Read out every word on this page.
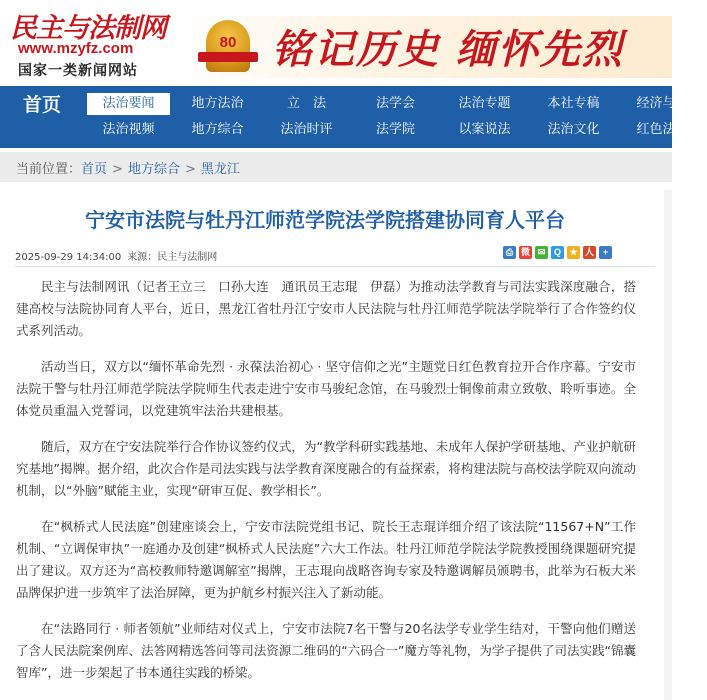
民主与法制网
www.mzyfz.com
国家一类新闻网站
80 铭记历史 缅怀先烈
首页	法治要闻	地方法治	立　法	法学会	法治专题	本社专稿	经济与法
法治视频	地方综合	法治时评	法学院	以案说法	法治文化	红色法治
当前位置：首页 > 地方综合 > 黑龙江
宁安市法院与牡丹江师范学院法学院搭建协同育人平台
2025-09-29 14:34:00 来源：民主与法制网	⎙ 微 ✉ Q ★ 人 +

民主与法制网讯（记者王立三　口孙大连　通讯员王志琨　伊磊）为推动法学教育与司法实践深度融合，搭建高校与法院协同育人平台，近日，黑龙江省牡丹江宁安市人民法院与牡丹江师范学院法学院举行了合作签约仪式系列活动。

活动当日，双方以“缅怀革命先烈 · 永葆法治初心 · 坚守信仰之光”主题党日红色教育拉开合作序幕。宁安市法院干警与牡丹江师范学院法学院师生代表走进宁安市马骏纪念馆，在马骏烈士铜像前肃立致敬、聆听事迹。全体党员重温入党誓词，以党建筑牢法治共建根基。

随后，双方在宁安法院举行合作协议签约仪式，为“教学科研实践基地、未成年人保护学研基地、产业护航研究基地”揭牌。据介绍，此次合作是司法实践与法学教育深度融合的有益探索，将构建法院与高校法学院双向流动机制，以“外脑”赋能主业，实现“研审互促、教学相长”。

在“枫桥式人民法庭”创建座谈会上，宁安市法院党组书记、院长王志琨详细介绍了该法院“11567+N”工作机制、“立调保审执”一庭通办及创建“枫桥式人民法庭”六大工作法。牡丹江师范学院法学院教授围绕课题研究提出了建议。双方还为“高校教师特邀调解室”揭牌，王志琨向战略咨询专家及特邀调解员颁聘书，此举为石板大米品牌保护进一步筑牢了法治屏障，更为护航乡村振兴注入了新动能。

在“法路同行 · 师者领航”业师结对仪式上，宁安市法院7名干警与20名法学专业学生结对，干警向他们赠送了含人民法院案例库、法答网精选答问等司法资源二维码的“六码合一”魔方等礼物，为学子提供了司法实践“锦囊智库”，进一步架起了书本通往实践的桥梁。
